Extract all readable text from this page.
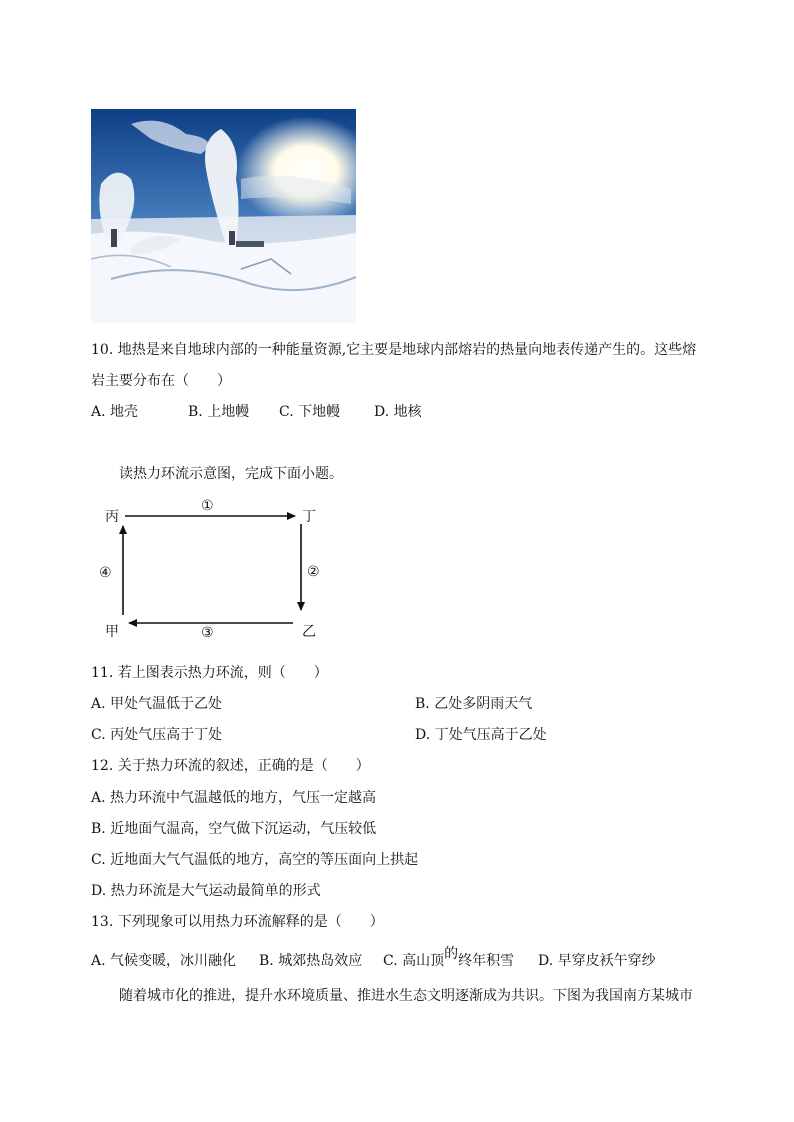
10. 地热是来自地球内部的一种能量资源,它主要是地球内部熔岩的热量向地表传递产生的。这些熔
岩主要分布在（　　）
A. 地壳	B. 上地幔 C. 下地幔 D. 地核
读热力环流示意图，完成下面小题。
丙	丁
甲	乙
①
②
③
④
11. 若上图表示热力环流，则（　　）
A. 甲处气温低于乙处	B. 乙处多阴雨天气
C. 丙处气压高于丁处	D. 丁处气压高于乙处
12. 关于热力环流的叙述，正确的是（　　）
A. 热力环流中气温越低的地方，气压一定越高
B. 近地面气温高，空气做下沉运动，气压较低
C. 近地面大气气温低的地方，高空的等压面向上拱起
D. 热力环流是大气运动最简单的形式
13. 下列现象可以用热力环流解释的是（　　）
A. 气候变暖，冰川融化 B. 城郊热岛效应 C. 高山顶的终年积雪 D. 早穿皮袄午穿纱
随着城市化的推进，提升水环境质量、推进水生态文明逐渐成为共识。下图为我国南方某城市
